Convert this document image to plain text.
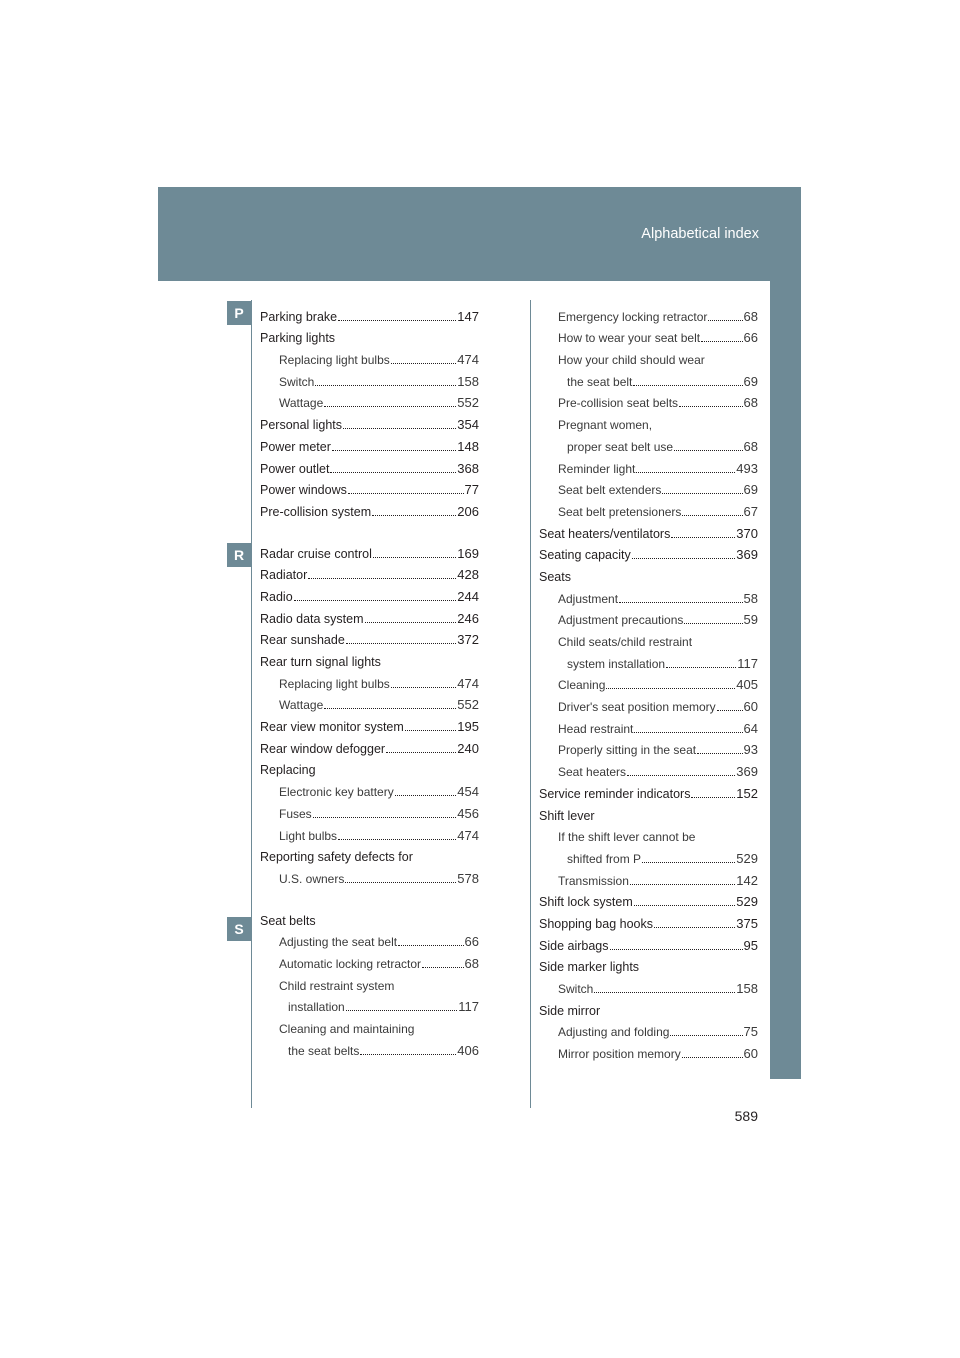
Alphabetical index
P
R
S
Parking brake	147
Parking lights
Replacing light bulbs	474
Switch	158
Wattage	552
Personal lights	354
Power meter	148
Power outlet	368
Power windows	77
Pre-collision system	206
Radar cruise control	169
Radiator	428
Radio	244
Radio data system	246
Rear sunshade	372
Rear turn signal lights
Replacing light bulbs	474
Wattage	552
Rear view monitor system	195
Rear window defogger	240
Replacing
Electronic key battery	454
Fuses	456
Light bulbs	474
Reporting safety defects for
U.S. owners	578
Seat belts
Adjusting the seat belt	66
Automatic locking retractor	68
Child restraint system
installation	117
Cleaning and maintaining
the seat belts	406
Emergency locking retractor	68
How to wear your seat belt	66
How your child should wear
the seat belt	69
Pre-collision seat belts	68
Pregnant women,
proper seat belt use	68
Reminder light	493
Seat belt extenders	69
Seat belt pretensioners	67
Seat heaters/ventilators	370
Seating capacity	369
Seats
Adjustment	58
Adjustment precautions	59
Child seats/child restraint
system installation	117
Cleaning	405
Driver's seat position memory 60
Head restraint	64
Properly sitting in the seat	93
Seat heaters	369
Service reminder indicators	152
Shift lever
If the shift lever cannot be
shifted from P	529
Transmission	142
Shift lock system	529
Shopping bag hooks	375
Side airbags	95
Side marker lights
Switch	158
Side mirror
Adjusting and folding	75
Mirror position memory	60
589
